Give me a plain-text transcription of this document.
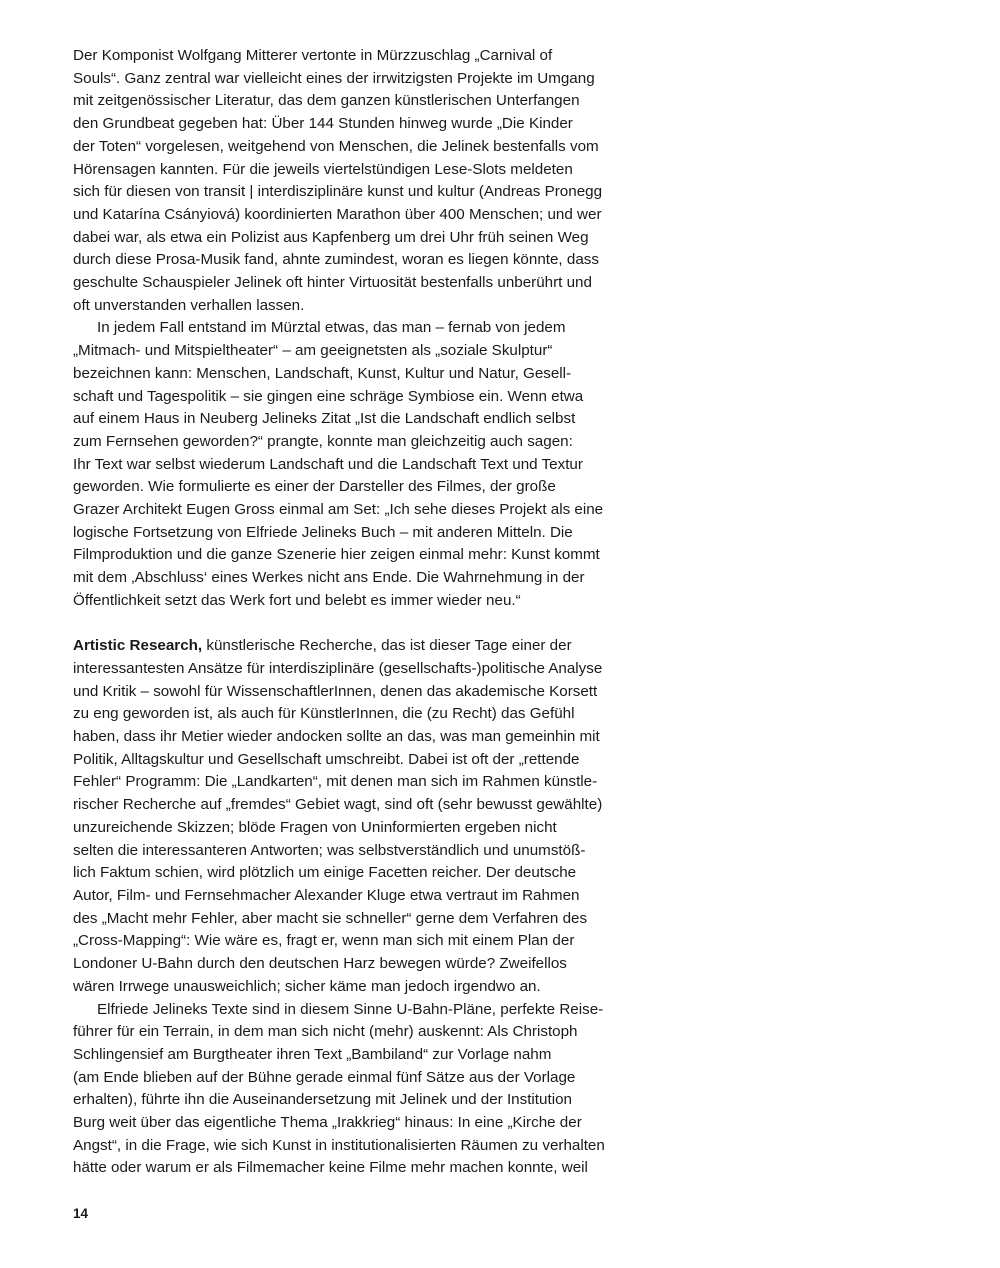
Der Komponist Wolfgang Mitterer vertonte in Mürzzuschlag „Carnival of

Souls“. Ganz zentral war vielleicht eines der irrwitzigsten Projekte im Umgang

mit zeitgenössischer Literatur, das dem ganzen künstlerischen Unterfangen

den Grundbeat gegeben hat: Über 144 Stunden hinweg wurde „Die Kinder

der Toten“ vorgelesen, weitgehend von Menschen, die Jelinek bestenfalls vom

Hörensagen kannten. Für die jeweils viertelstündigen Lese-Slots meldeten

sich für diesen von transit | interdisziplinäre kunst und kultur (Andreas Pronegg

und Katarína Csányiová) koordinierten Marathon über 400 Menschen; und wer

dabei war, als etwa ein Polizist aus Kapfenberg um drei Uhr früh seinen Weg

durch diese Prosa-Musik fand, ahnte zumindest, woran es liegen könnte, dass

geschulte Schauspieler Jelinek oft hinter Virtuosität bestenfalls unberührt und

oft unverstanden verhallen lassen.

In jedem Fall entstand im Mürztal etwas, das man – fernab von jedem

„Mitmach- und Mitspieltheater“ – am geeignetsten als „soziale Skulptur“

bezeichnen kann: Menschen, Landschaft, Kunst, Kultur und Natur, Gesell-

schaft und Tagespolitik – sie gingen eine schräge Symbiose ein. Wenn etwa

auf einem Haus in Neuberg Jelineks Zitat „Ist die Landschaft endlich selbst

zum Fernsehen geworden?“ prangte, konnte man gleichzeitig auch sagen:

Ihr Text war selbst wiederum Landschaft und die Landschaft Text und Textur

geworden. Wie formulierte es einer der Darsteller des Filmes, der große

Grazer Architekt Eugen Gross einmal am Set: „Ich sehe dieses Projekt als eine

logische Fortsetzung von Elfriede Jelineks Buch – mit anderen Mitteln. Die

Filmproduktion und die ganze Szenerie hier zeigen einmal mehr: Kunst kommt

mit dem ‚Abschluss‘ eines Werkes nicht ans Ende. Die Wahrnehmung in der

Öffentlichkeit setzt das Werk fort und belebt es immer wieder neu.“

Artistic Research, künstlerische Recherche, das ist dieser Tage einer der

interessantesten Ansätze für interdisziplinäre (gesellschafts-)politische Analyse

und Kritik – sowohl für WissenschaftlerInnen, denen das akademische Korsett

zu eng geworden ist, als auch für KünstlerInnen, die (zu Recht) das Gefühl

haben, dass ihr Metier wieder andocken sollte an das, was man gemeinhin mit

Politik, Alltagskultur und Gesellschaft umschreibt. Dabei ist oft der „rettende

Fehler“ Programm: Die „Landkarten“, mit denen man sich im Rahmen künstle-

rischer Recherche auf „fremdes“ Gebiet wagt, sind oft (sehr bewusst gewählte)

unzureichende Skizzen; blöde Fragen von Uninformierten ergeben nicht

selten die interessanteren Antworten; was selbstverständlich und unumstöß-

lich Faktum schien, wird plötzlich um einige Facetten reicher. Der deutsche

Autor, Film- und Fernsehmacher Alexander Kluge etwa vertraut im Rahmen

des „Macht mehr Fehler, aber macht sie schneller“ gerne dem Verfahren des

„Cross-Mapping“: Wie wäre es, fragt er, wenn man sich mit einem Plan der

Londoner U-Bahn durch den deutschen Harz bewegen würde? Zweifellos

wären Irrwege unausweichlich; sicher käme man jedoch irgendwo an.

Elfriede Jelineks Texte sind in diesem Sinne U-Bahn-Pläne, perfekte Reise-

führer für ein Terrain, in dem man sich nicht (mehr) auskennt: Als Christoph

Schlingensief am Burgtheater ihren Text „Bambiland“ zur Vorlage nahm

(am Ende blieben auf der Bühne gerade einmal fünf Sätze aus der Vorlage

erhalten), führte ihn die Auseinandersetzung mit Jelinek und der Institution

Burg weit über das eigentliche Thema „Irakkrieg“ hinaus: In eine „Kirche der

Angst“, in die Frage, wie sich Kunst in institutionalisierten Räumen zu verhalten

hätte oder warum er als Filmemacher keine Filme mehr machen konnte, weil

14
